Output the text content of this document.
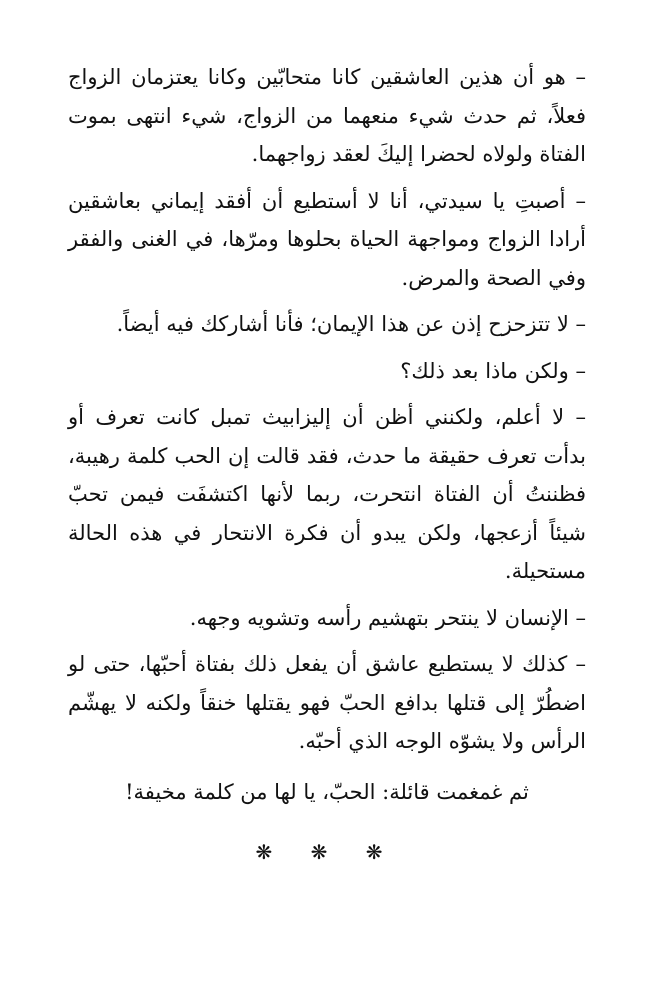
– هو أن هذين العاشقين كانا متحابّين وكانا يعتزمان الزواج فعلاً، ثم حدث شيء منعهما من الزواج، شيء انتهى بموت الفتاة ولولاه لحضرا إليكَ لعقد زواجهما.

– أصبتِ يا سيدتي، أنا لا أستطيع أن أفقد إيماني بعاشقين أرادا الزواج ومواجهة الحياة بحلوها ومرّها، في الغنى والفقر وفي الصحة والمرض.

– لا تتزحزح إذن عن هذا الإيمان؛ فأنا أشاركك فيه أيضاً.

– ولكن ماذا بعد ذلك؟

– لا أعلم، ولكنني أظن أن إليزابيث تمبل كانت تعرف أو بدأت تعرف حقيقة ما حدث، فقد قالت إن الحب كلمة رهيبة، فظننتُ أن الفتاة انتحرت، ربما لأنها اكتشفَت فيمن تحبّ شيئاً أزعجها، ولكن يبدو أن فكرة الانتحار في هذه الحالة مستحيلة.

– الإنسان لا ينتحر بتهشيم رأسه وتشويه وجهه.

– كذلك لا يستطيع عاشق أن يفعل ذلك بفتاة أحبّها، حتى لو اضطُرّ إلى قتلها بدافع الحبّ فهو يقتلها خنقاً ولكنه لا يهشّم الرأس ولا يشوّه الوجه الذي أحبّه.

ثم غمغمت قائلة: الحبّ، يا لها من كلمة مخيفة!

❋ ❋ ❋
